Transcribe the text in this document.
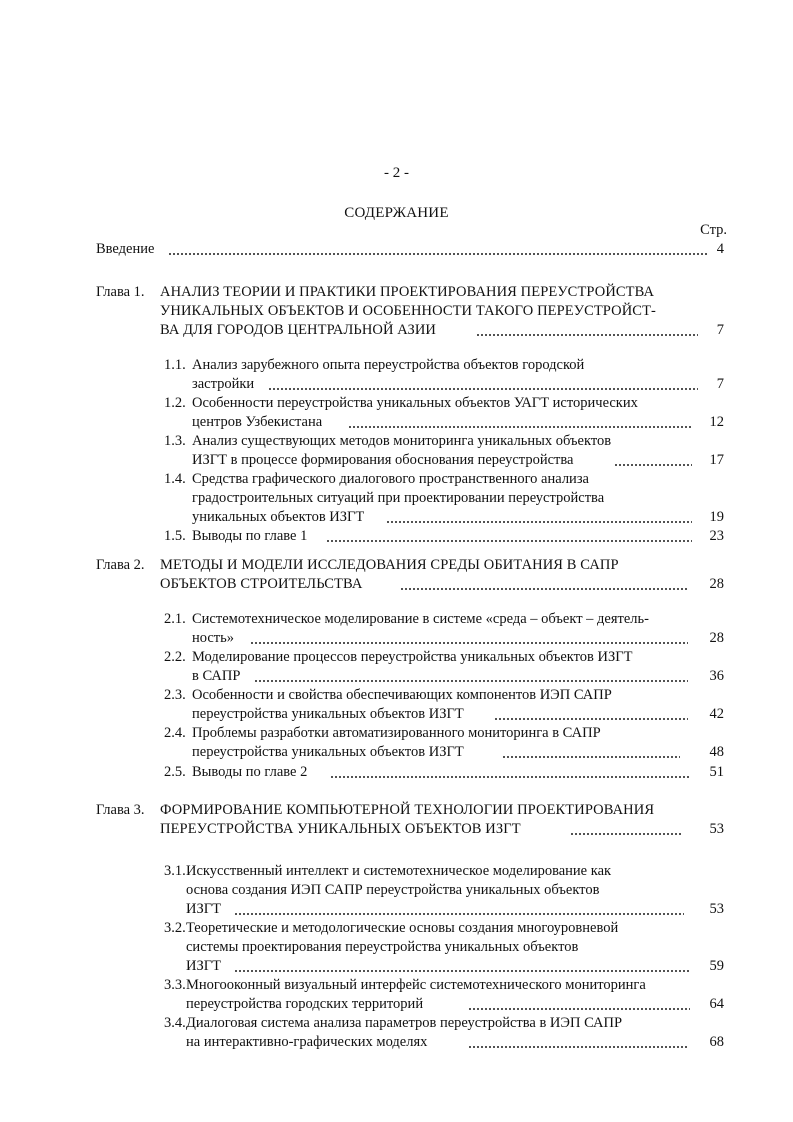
- 2 -
СОДЕРЖАНИЕ
Стр.
Введение	4
Глава 1. АНАЛИЗ ТЕОРИИ И ПРАКТИКИ ПРОЕКТИРОВАНИЯ ПЕРЕУСТРОЙСТВА
УНИКАЛЬНЫХ ОБЪЕКТОВ И ОСОБЕННОСТИ ТАКОГО ПЕРЕУСТРОЙСТ-
ВА ДЛЯ ГОРОДОВ ЦЕНТРАЛЬНОЙ АЗИИ	7
1.1. Анализ зарубежного опыта переустройства объектов городской
застройки	7
1.2. Особенности переустройства уникальных объектов УАГТ исторических
центров Узбекистана	12
1.3. Анализ существующих методов мониторинга уникальных объектов
ИЗГТ в процессе формирования обоснования переустройства	17
1.4. Средства графического диалогового пространственного анализа
градостроительных ситуаций при проектировании переустройства
уникальных объектов ИЗГТ	19
1.5. Выводы по главе 1	23
Глава 2. МЕТОДЫ И МОДЕЛИ ИССЛЕДОВАНИЯ СРЕДЫ ОБИТАНИЯ В САПР
ОБЪЕКТОВ СТРОИТЕЛЬСТВА	28
2.1. Системотехническое моделирование в системе «среда – объект – деятель-
ность»	28
2.2. Моделирование процессов переустройства уникальных объектов ИЗГТ
в САПР	36
2.3. Особенности и свойства обеспечивающих компонентов ИЭП САПР
переустройства уникальных объектов ИЗГТ	42
2.4. Проблемы разработки автоматизированного мониторинга в САПР
переустройства уникальных объектов ИЗГТ	48
2.5. Выводы по главе 2	51
Глава 3. ФОРМИРОВАНИЕ КОМПЬЮТЕРНОЙ ТЕХНОЛОГИИ ПРОЕКТИРОВАНИЯ
ПЕРЕУСТРОЙСТВА УНИКАЛЬНЫХ ОБЪЕКТОВ ИЗГТ	53
3.1. Искусственный интеллект и системотехническое моделирование как
основа создания ИЭП САПР переустройства уникальных объектов
ИЗГТ	53
3.2. Теоретические и методологические основы создания многоуровневой
системы проектирования переустройства уникальных объектов
ИЗГТ	59
3.3. Многооконный визуальный интерфейс системотехнического мониторинга
переустройства городских территорий	64
3.4. Диалоговая система анализа параметров переустройства в ИЭП САПР
на интерактивно-графических моделях	68
